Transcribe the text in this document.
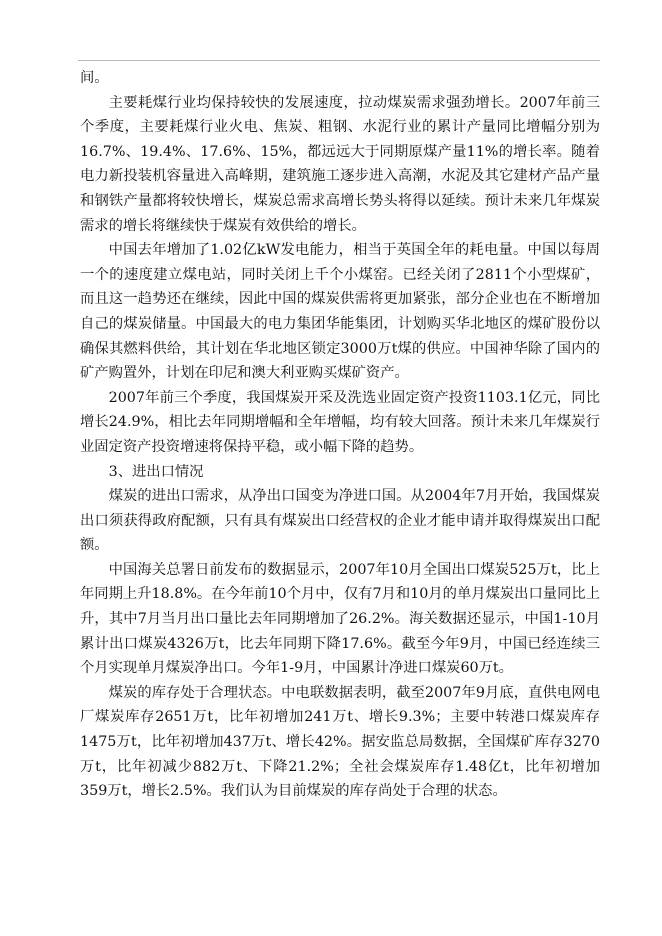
间。

主要耗煤行业均保持较快的发展速度，拉动煤炭需求强劲增长。2007年前三个季度，主要耗煤行业火电、焦炭、粗钢、水泥行业的累计产量同比增幅分别为16.7%、19.4%、17.6%、15%，都远远大于同期原煤产量11%的增长率。随着电力新投装机容量进入高峰期，建筑施工逐步进入高潮，水泥及其它建材产品产量和钢铁产量都将较快增长，煤炭总需求高增长势头将得以延续。预计未来几年煤炭需求的增长将继续快于煤炭有效供给的增长。

中国去年增加了1.02亿kW发电能力，相当于英国全年的耗电量。中国以每周一个的速度建立煤电站，同时关闭上千个小煤窑。已经关闭了2811个小型煤矿，而且这一趋势还在继续，因此中国的煤炭供需将更加紧张，部分企业也在不断增加自己的煤炭储量。中国最大的电力集团华能集团，计划购买华北地区的煤矿股份以确保其燃料供给，其计划在华北地区锁定3000万t煤的供应。中国神华除了国内的矿产购置外，计划在印尼和澳大利亚购买煤矿资产。

2007年前三个季度，我国煤炭开采及洗选业固定资产投资1103.1亿元，同比增长24.9%，相比去年同期增幅和全年增幅，均有较大回落。预计未来几年煤炭行业固定资产投资增速将保持平稳，或小幅下降的趋势。

3、进出口情况

煤炭的进出口需求，从净出口国变为净进口国。从2004年7月开始，我国煤炭出口须获得政府配额，只有具有煤炭出口经营权的企业才能申请并取得煤炭出口配额。

中国海关总署日前发布的数据显示，2007年10月全国出口煤炭525万t，比上年同期上升18.8%。在今年前10个月中，仅有7月和10月的单月煤炭出口量同比上升，其中7月当月出口量比去年同期增加了26.2%。海关数据还显示，中国1-10月累计出口煤炭4326万t，比去年同期下降17.6%。截至今年9月，中国已经连续三个月实现单月煤炭净出口。今年1-9月，中国累计净进口煤炭60万t。

煤炭的库存处于合理状态。中电联数据表明，截至2007年9月底，直供电网电厂煤炭库存2651万t，比年初增加241万t、增长9.3%；主要中转港口煤炭库存1475万t，比年初增加437万t、增长42%。据安监总局数据，全国煤矿库存3270万t，比年初减少882万t、下降21.2%；全社会煤炭库存1.48亿t，比年初增加359万t，增长2.5%。我们认为目前煤炭的库存尚处于合理的状态。
